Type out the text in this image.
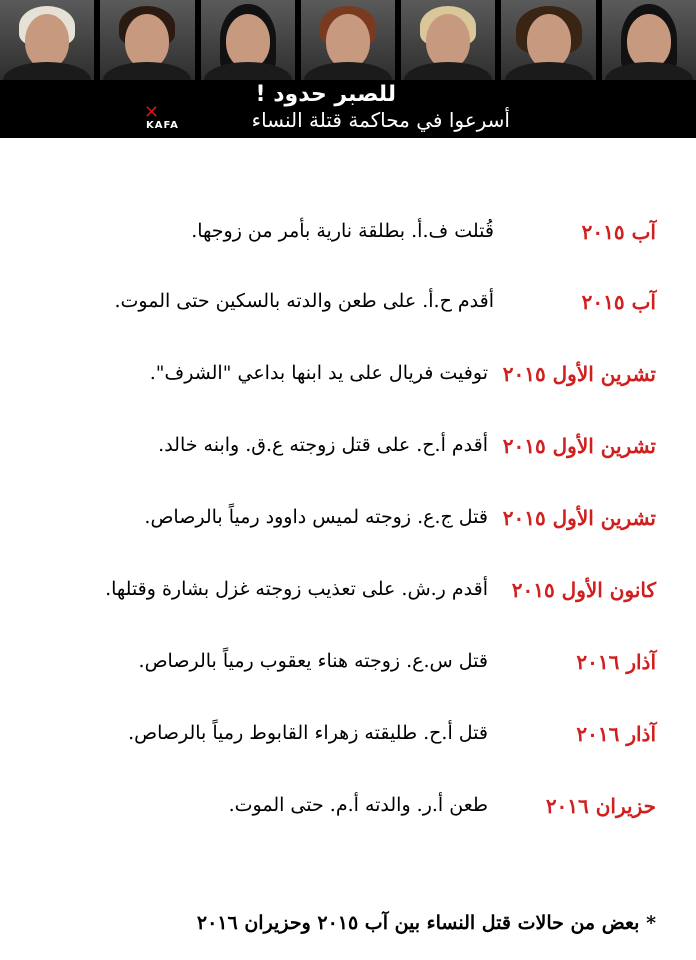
للصبر حدود !
أسرعوا في محاكمة قتلة النساء
✕
KAFA
آب ٢٠١٥
قُتلت ف.أ. بطلقة نارية بأمر من زوجها.
آب ٢٠١٥
أقدم ح.أ. على طعن والدته بالسكين حتى الموت.
تشرين الأول ٢٠١٥
توفيت فريال على يد ابنها بداعي "الشرف".
تشرين الأول ٢٠١٥
أقدم أ.ح. على قتل زوجته ع.ق. وابنه خالد.
تشرين الأول ٢٠١٥
قتل ج.ع. زوجته لميس داوود رمياً بالرصاص.
كانون الأول ٢٠١٥
أقدم ر.ش. على تعذيب زوجته غزل بشارة وقتلها.
آذار ٢٠١٦
قتل س.ع. زوجته هناء يعقوب رمياً بالرصاص.
آذار ٢٠١٦
قتل أ.ح. طليقته زهراء القابوط رمياً بالرصاص.
حزيران ٢٠١٦
طعن أ.ر. والدته أ.م. حتى الموت.
* بعض من حالات قتل النساء بين آب ٢٠١٥ وحزيران ٢٠١٦
